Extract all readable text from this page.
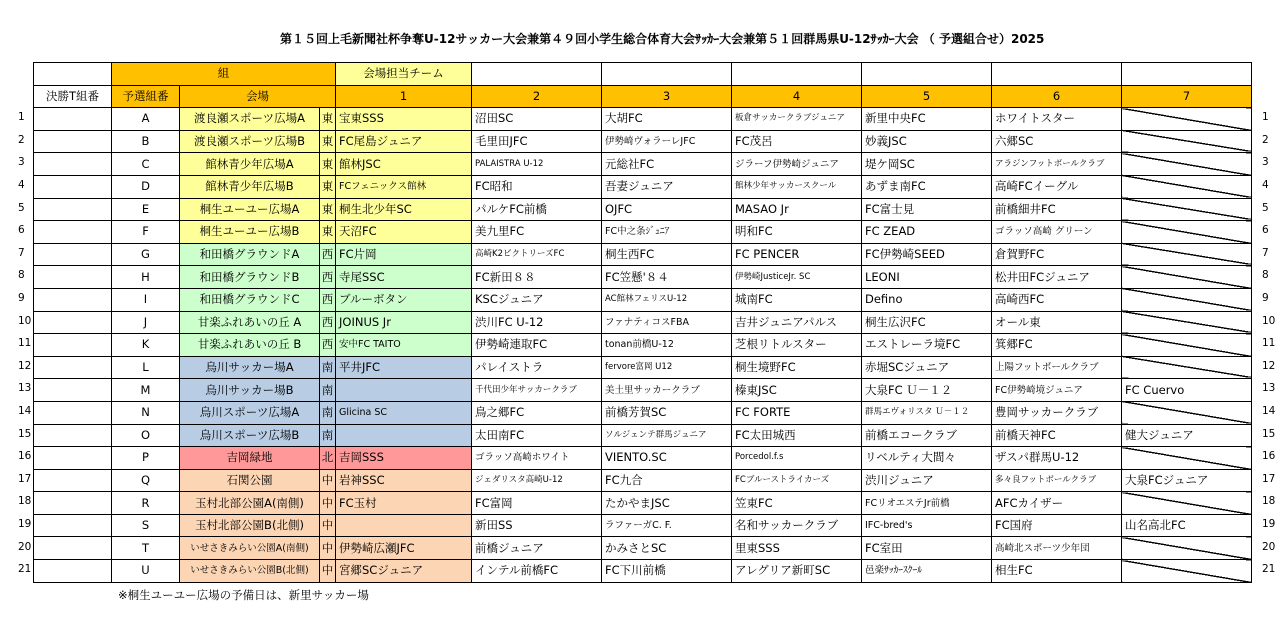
第１５回上毛新聞社杯争奪U-12サッカー大会兼第４９回小学生総合体育大会ｻｯｶｰ大会兼第５１回群馬県U-12ｻｯｶｰ大会 （ 予選組合せ）2025
	組			会場担当チーム						
決勝T組番	予選組番	会場		1	2	3	4	5	6	7
	A	渡良瀬スポーツ広場A	東	宝東SSS	沼田SC	大胡FC	板倉サッカークラブジュニア	新里中央FC	ホワイトスター	
	B	渡良瀬スポーツ広場B	東	FC尾島ジュニア	毛里田JFC	伊勢崎ヴォラーレJFC	FC茂呂	妙義JSC	六郷SC	
	C	館林青少年広場A	東	館林JSC	PALAISTRA U-12	元総社FC	ジラーフ伊勢崎ジュニア	堤ケ岡SC	アラジンフットボールクラブ	
	D	館林青少年広場B	東	FCフェニックス館林	FC昭和	吾妻ジュニア	館林少年サッカースクール	あずま南FC	高崎FCイーグル	
	E	桐生ユーユー広場A	東	桐生北少年SC	パルケFC前橋	OJFC	MASAO Jr	FC富士見	前橋細井FC	
	F	桐生ユーユー広場B	東	天沼FC	美九里FC	FC中之条ｼﾞｭﾆｱ	明和FC	FC ZEAD	ゴラッソ高崎 グリーン	
	G	和田橋グラウンドA	西	FC片岡	高崎K2ビクトリーズFC	桐生西FC	FC PENCER	FC伊勢崎SEED	倉賀野FC	
	H	和田橋グラウンドB	西	寺尾SSC	FC新田８８	FC笠懸'８４	伊勢崎JusticeJr. SC	LEONI	松井田FCジュニア	
	I	和田橋グラウンドC	西	ブルーボタン	KSCジュニア	AC館林フェリスU-12	城南FC	Defino	高崎西FC	
	J	甘楽ふれあいの丘 A	西	JOINUS Jr	渋川FC U-12	ファナティコスFBA	吉井ジュニアパルス	桐生広沢FC	オール東	
	K	甘楽ふれあいの丘 B	西	安中FC TAITO	伊勢崎連取FC	tonan前橋U-12	芝根リトルスター	エストレーラ境FC	箕郷FC	
	L	烏川サッカー場A	南	平井JFC	パレイストラ	fervore富岡 U12	桐生境野FC	赤堀SCジュニア	上陽フットボールクラブ	
	M	烏川サッカー場B	南		千代田少年サッカークラブ	美土里サッカークラブ	榛東JSC	大泉FC Ｕ－１２	FC伊勢崎境ジュニア	FC Cuervo
	N	烏川スポーツ広場A	南	Glicina SC	鳥之郷FC	前橋芳賀SC	FC FORTE	群馬エヴォリスタ Ｕ－１２	豊岡サッカークラブ	
	O	烏川スポーツ広場B	南		太田南FC	ソルジェンテ群馬ジュニア	FC太田城西	前橋エコークラブ	前橋天神FC	健大ジュニア
	P	吉岡緑地	北	吉岡SSS	ゴラッソ高崎ホワイト	VIENTO.SC	Porcedol.f.s	リベルティ大間々	ザスパ群馬U-12	
	Q	石関公園	中	岩神SSC	ジェダリスタ高崎U-12	FC九合	FCブルーストライカーズ	渋川ジュニア	多々良フットボールクラブ	大泉FCジュニア
	R	玉村北部公園A(南側)	中	FC玉村	FC富岡	たかやまJSC	笠東FC	FCリオエステJr前橋	AFCカイザー	
	S	玉村北部公園B(北側)	中		新田SS	ラファーガC. F.	名和サッカークラブ	IFC-bred's	FC国府	山名高北FC
	T	いせさきみらい公園A(南側)	中	伊勢崎広瀬JFC	前橋ジュニア	かみさとSC	里東SSS	FC室田	高崎北スポーツ少年団	
	U	いせさきみらい公園B(北側)	中	宮郷SCジュニア	インテル前橋FC	FC下川前橋	アレグリア新町SC	邑楽ｻｯｶｰｽｸｰﾙ	相生FC	
※桐生ユーユー広場の予備日は、新里サッカー場
1	1
2	2
3	3
4	4
5	5
6	6
7	7
8	8
9	9
10	10
11	11
12	12
13	13
14	14
15	15
16	16
17	17
18	18
19	19
20	20
21	21
